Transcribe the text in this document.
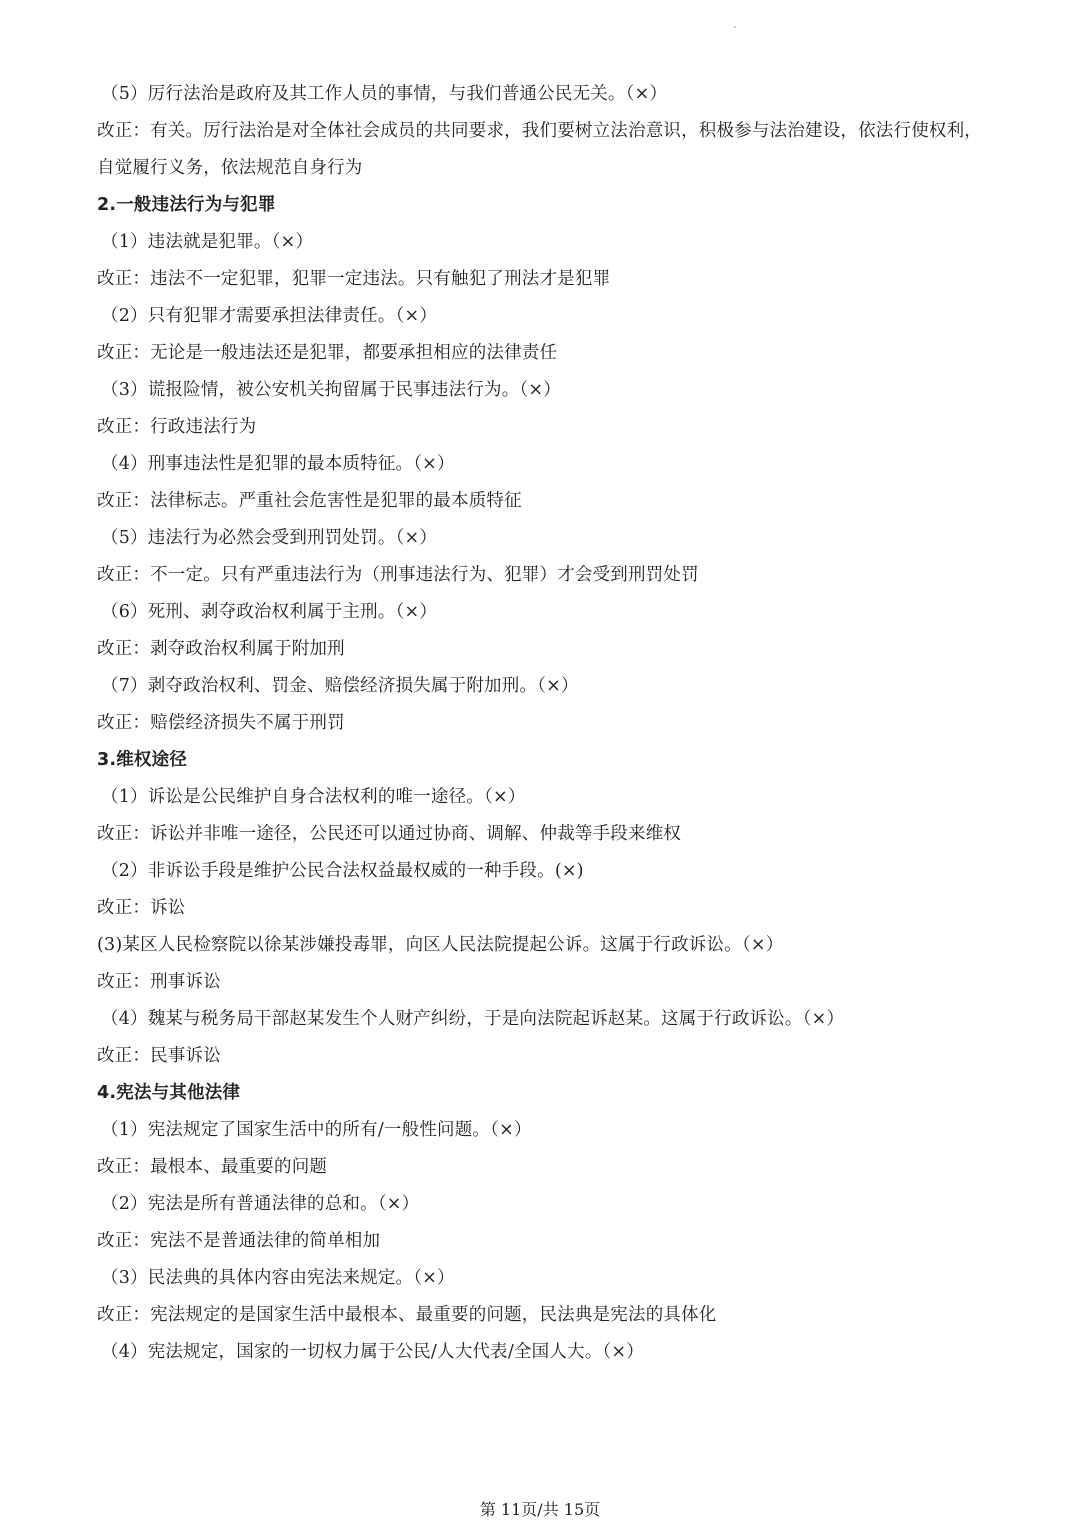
（5）厉行法治是政府及其工作人员的事情，与我们普通公民无关。（×）
改正：有关。厉行法治是对全体社会成员的共同要求，我们要树立法治意识，积极参与法治建设，依法行使权利，自觉履行义务，依法规范自身行为
2.一般违法行为与犯罪
（1）违法就是犯罪。（×）
改正：违法不一定犯罪，犯罪一定违法。只有触犯了刑法才是犯罪
（2）只有犯罪才需要承担法律责任。（×）
改正：无论是一般违法还是犯罪，都要承担相应的法律责任
（3）谎报险情，被公安机关拘留属于民事违法行为。（×）
改正：行政违法行为
（4）刑事违法性是犯罪的最本质特征。（×）
改正：法律标志。严重社会危害性是犯罪的最本质特征
（5）违法行为必然会受到刑罚处罚。（×）
改正：不一定。只有严重违法行为（刑事违法行为、犯罪）才会受到刑罚处罚
（6）死刑、剥夺政治权利属于主刑。（×）
改正：剥夺政治权利属于附加刑
（7）剥夺政治权利、罚金、赔偿经济损失属于附加刑。（×）
改正：赔偿经济损失不属于刑罚
3.维权途径
（1）诉讼是公民维护自身合法权利的唯一途径。（×）
改正：诉讼并非唯一途径，公民还可以通过协商、调解、仲裁等手段来维权
（2）非诉讼手段是维护公民合法权益最权威的一种手段。(×)
改正：诉讼
(3)某区人民检察院以徐某涉嫌投毒罪，向区人民法院提起公诉。这属于行政诉讼。（×）
改正：刑事诉讼
（4）魏某与税务局干部赵某发生个人财产纠纷，于是向法院起诉赵某。这属于行政诉讼。（×）
改正：民事诉讼
4.宪法与其他法律
（1）宪法规定了国家生活中的所有/一般性问题。（×）
改正：最根本、最重要的问题
（2）宪法是所有普通法律的总和。（×）
改正：宪法不是普通法律的简单相加
（3）民法典的具体内容由宪法来规定。（×）
改正：宪法规定的是国家生活中最根本、最重要的问题，民法典是宪法的具体化
（4）宪法规定，国家的一切权力属于公民/人大代表/全国人大。（×）
第 11页/共 15页
